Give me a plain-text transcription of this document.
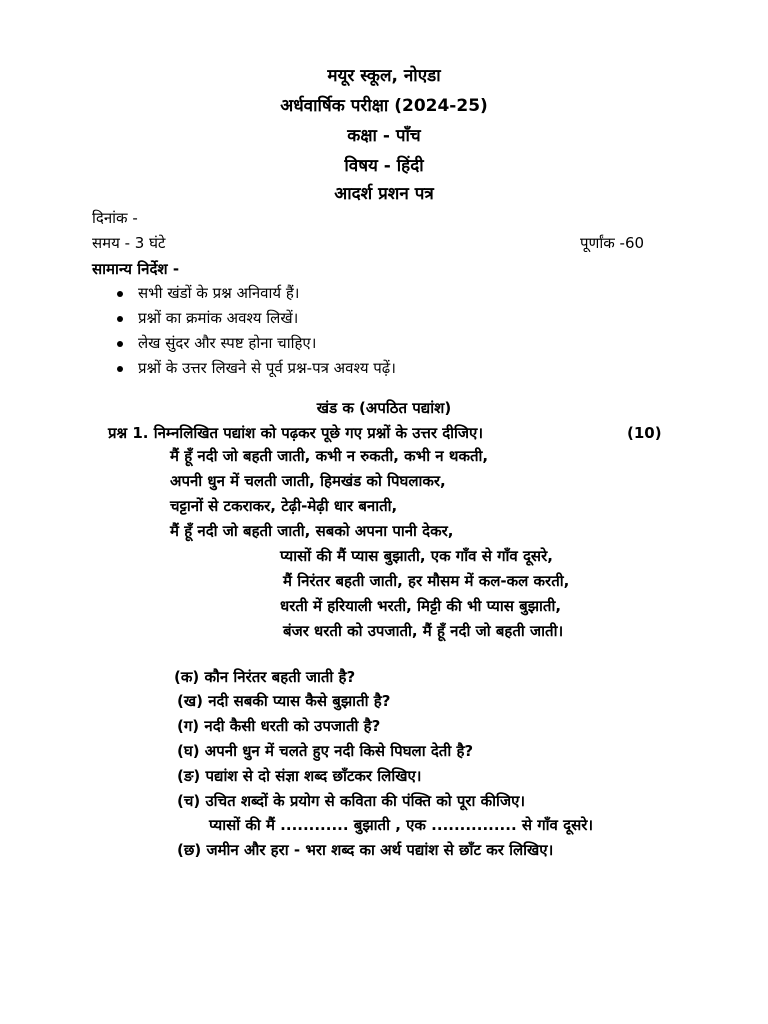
मयूर स्कूल, नोएडा
अर्धवार्षिक परीक्षा (2024-25)
कक्षा - पाँच
विषय - हिंदी
आदर्श प्रशन पत्र
दिनांक -
समय - 3 घंटे	पूर्णांक -60
सामान्य निर्देश -
सभी खंडों के प्रश्न अनिवार्य हैं।
प्रश्नों का क्रमांक अवश्य लिखें।
लेख सुंदर और स्पष्ट होना चाहिए।
प्रश्नों के उत्तर लिखने से पूर्व प्रश्न-पत्र अवश्य पढ़ें।
खंड क (अपठित पद्यांश)
प्रश्न 1. निम्नलिखित पद्यांश को पढ़कर पूछे गए प्रश्नों के उत्तर दीजिए।	(10)
मैं हूँ नदी जो बहती जाती, कभी न रुकती, कभी न थकती,
अपनी धुन में चलती जाती, हिमखंड को पिघलाकर,
चट्टानों से टकराकर, टेढ़ी-मेढ़ी धार बनाती,
मैं हूँ नदी जो बहती जाती, सबको अपना पानी देकर,
प्यासों की मैं प्यास बुझाती, एक गाँव से गाँव दूसरे,
मैं निरंतर बहती जाती, हर मौसम में कल-कल करती,
धरती में हरियाली भरती, मिट्टी की भी प्यास बुझाती,
बंजर धरती को उपजाती, मैं हूँ नदी जो बहती जाती।
(क) कौन निरंतर बहती जाती है?
(ख) नदी सबकी प्यास कैसे बुझाती है?
(ग) नदी कैसी धरती को उपजाती है?
(घ) अपनी धुन में चलते हुए नदी किसे पिघला देती है?
(ङ) पद्यांश से दो संज्ञा शब्द छाँटकर लिखिए।
(च) उचित शब्दों के प्रयोग से कविता की पंक्ति को पूरा कीजिए।
प्यासों की मैं ............ बुझाती , एक ............... से गाँव दूसरे।
(छ) जमीन और हरा - भरा शब्द का अर्थ पद्यांश से छाँट कर लिखिए।
